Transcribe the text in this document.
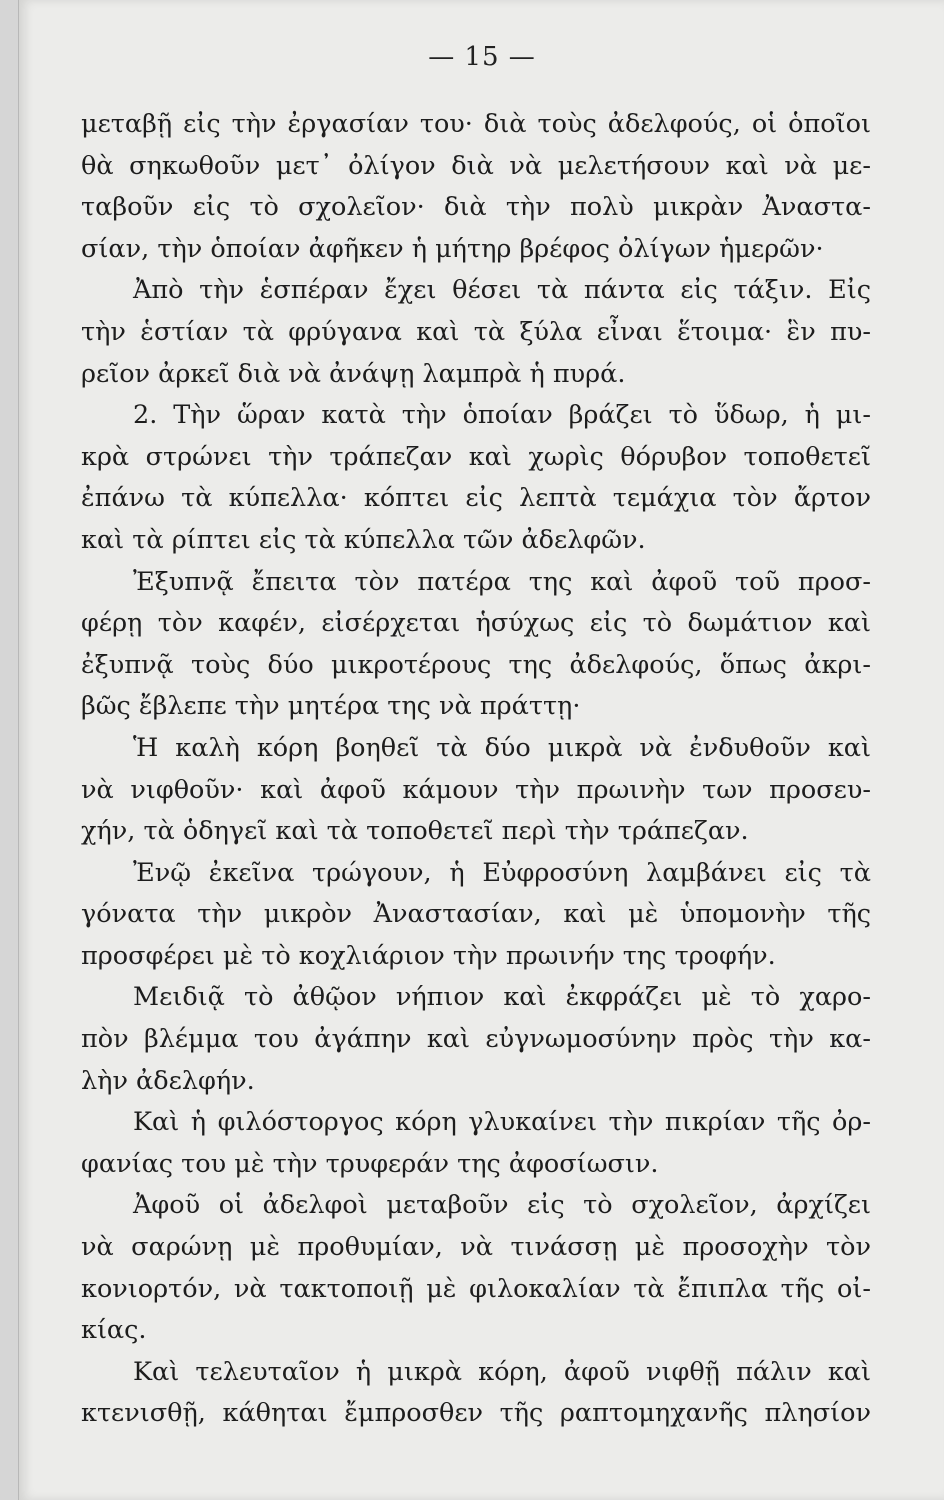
— 15 —
μεταβῇ εἰς τὴν ἐργασίαν του· διὰ τοὺς ἀδελφούς, οἱ ὁποῖοι
θὰ σηκωθοῦν μετ᾽ ὀλίγον διὰ νὰ μελετήσουν καὶ νὰ με-
ταβοῦν εἰς τὸ σχολεῖον· διὰ τὴν πολὺ μικρὰν Ἀναστα-
σίαν, τὴν ὁποίαν ἀφῆκεν ἡ μήτηρ βρέφος ὀλίγων ἡμερῶν·
Ἀπὸ τὴν ἑσπέραν ἔχει θέσει τὰ πάντα εἰς τάξιν. Εἰς
τὴν ἑστίαν τὰ φρύγανα καὶ τὰ ξύλα εἶναι ἕτοιμα· ἓν πυ-
ρεῖον ἀρκεῖ διὰ νὰ ἀνάψῃ λαμπρὰ ἡ πυρά.
2. Τὴν ὥραν κατὰ τὴν ὁποίαν βράζει τὸ ὕδωρ, ἡ μι-
κρὰ στρώνει τὴν τράπεζαν καὶ χωρὶς θόρυβον τοποθετεῖ
ἐπάνω τὰ κύπελλα· κόπτει εἰς λεπτὰ τεμάχια τὸν ἄρτον
καὶ τὰ ρίπτει εἰς τὰ κύπελλα τῶν ἀδελφῶν.
Ἐξυπνᾷ ἔπειτα τὸν πατέρα της καὶ ἀφοῦ τοῦ προσ-
φέρῃ τὸν καφέν, εἰσέρχεται ἡσύχως εἰς τὸ δωμάτιον καὶ
ἐξυπνᾷ τοὺς δύο μικροτέρους της ἀδελφούς, ὅπως ἀκρι-
βῶς ἔβλεπε τὴν μητέρα της νὰ πράττῃ·
Ἡ καλὴ κόρη βοηθεῖ τὰ δύο μικρὰ νὰ ἐνδυθοῦν καὶ
νὰ νιφθοῦν· καὶ ἀφοῦ κάμουν τὴν πρωινὴν των προσευ-
χήν, τὰ ὁδηγεῖ καὶ τὰ τοποθετεῖ περὶ τὴν τράπεζαν.
Ἐνῷ ἐκεῖνα τρώγουν, ἡ Εὐφροσύνη λαμβάνει εἰς τὰ
γόνατα τὴν μικρὸν Ἀναστασίαν, καὶ μὲ ὑπομονὴν τῆς
προσφέρει μὲ τὸ κοχλιάριον τὴν πρωινήν της τροφήν.
Μειδιᾷ τὸ ἀθῷον νήπιον καὶ ἐκφράζει μὲ τὸ χαρο-
πὸν βλέμμα του ἀγάπην καὶ εὐγνωμοσύνην πρὸς τὴν κα-
λὴν ἀδελφήν.
Καὶ ἡ φιλόστοργος κόρη γλυκαίνει τὴν πικρίαν τῆς ὀρ-
φανίας του μὲ τὴν τρυφεράν της ἀφοσίωσιν.
Ἀφοῦ οἱ ἀδελφοὶ μεταβοῦν εἰς τὸ σχολεῖον, ἀρχίζει
νὰ σαρώνῃ μὲ προθυμίαν, νὰ τινάσσῃ μὲ προσοχὴν τὸν
κονιορτόν, νὰ τακτοποιῇ μὲ φιλοκαλίαν τὰ ἔπιπλα τῆς οἰ-
κίας.
Καὶ τελευταῖον ἡ μικρὰ κόρη, ἀφοῦ νιφθῇ πάλιν καὶ
κτενισθῇ, κάθηται ἔμπροσθεν τῆς ραπτομηχανῆς πλησίον
